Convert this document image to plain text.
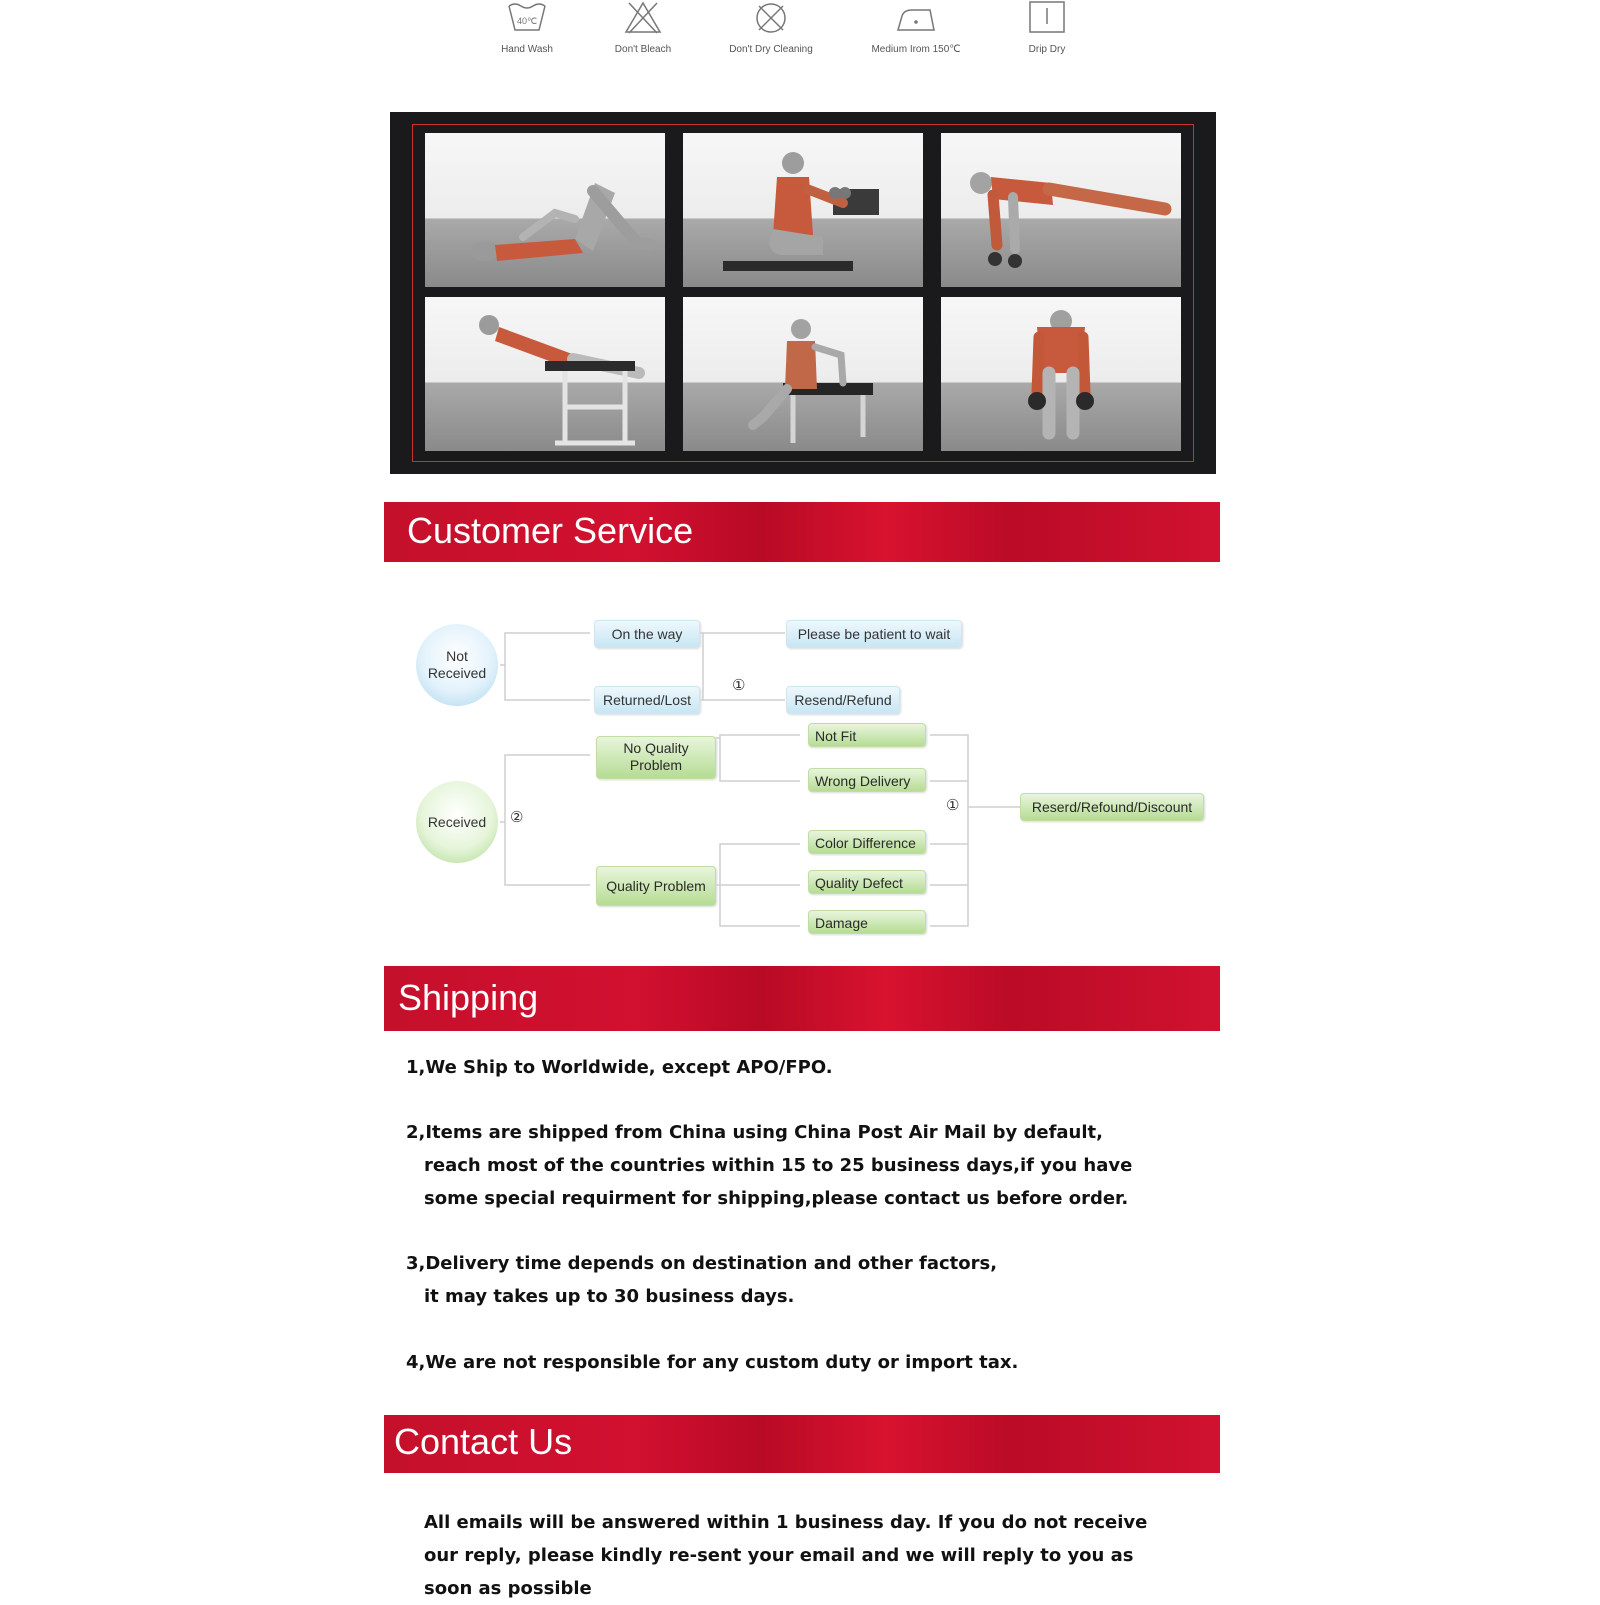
40℃
Hand Wash	Don't Bleach	Don't Dry Cleaning	Medium Irom 150℃	Drip Dry
Customer Service
Not Received
On the way
Returned/Lost
①
Please be patient to wait
Resend/Refund
Received ②
No Quality Problem
Quality Problem
Not Fit
Wrong Delivery
Color Difference
Quality Defect
Damage
①	Reserd/Refound/Discount
Shipping
1,We Ship to Worldwide, except APO/FPO.
2,Items are shipped from China using China Post Air Mail by default,
reach most of the countries within 15 to 25 business days,if you have
some special requirment for shipping,please contact us before order.
3,Delivery time depends on destination and other factors,
it may takes up to 30 business days.
4,We are not responsible for any custom duty or import tax.
Contact Us
All emails will be answered within 1 business day. If you do not receive
our reply, please kindly re-sent your email and we will reply to you as
soon as possible
